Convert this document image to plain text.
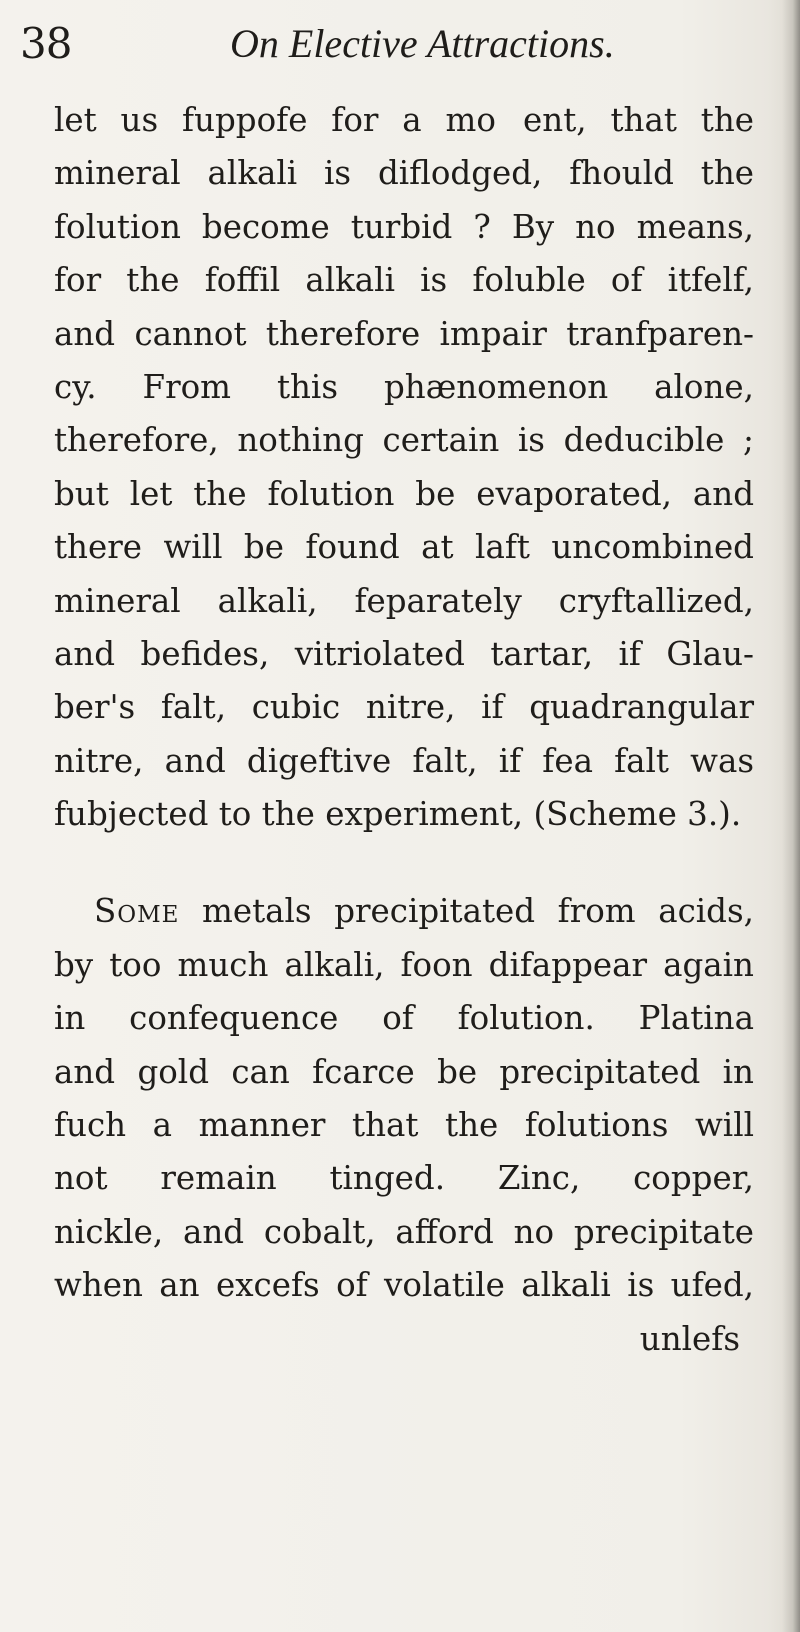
38	On Elective Attractions.
let us fuppofe for a mo  ent, that the
mineral alkali is diflodged, fhould the
folution become turbid ? By no means,
for the foffil alkali is foluble of itfelf,
and cannot therefore impair tranfparen-
cy. From this phænomenon alone,
therefore, nothing certain is deducible ;
but let the folution be evaporated, and
there will be found at laft uncombined
mineral alkali, feparately cryftallized,
and befides, vitriolated tartar, if Glau-
ber's falt, cubic nitre, if quadrangular
nitre, and digeftive falt, if fea falt was
fubjected to the experiment, (Scheme 3.).
Some metals precipitated from acids,
by too much alkali, foon difappear again
in confequence of folution. Platina
and gold can fcarce be precipitated in
fuch a manner that the folutions will
not remain tinged. Zinc, copper,
nickle, and cobalt, afford no precipitate
when an excefs of volatile alkali is ufed,
unlefs
